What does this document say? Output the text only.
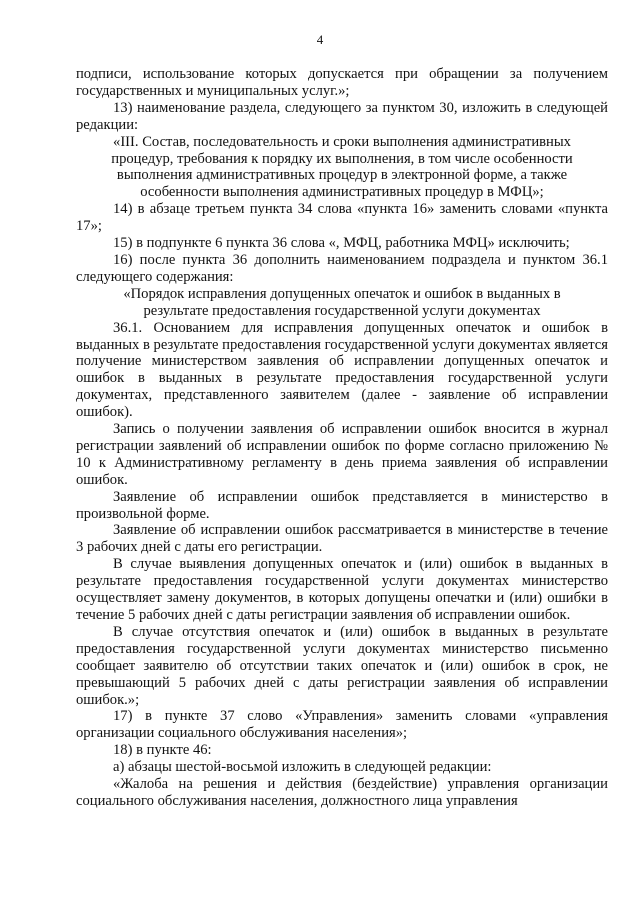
4

подписи, использование которых допускается при обращении за получением государственных и муниципальных услуг.»;

13) наименование раздела, следующего за пунктом 30, изложить в следующей редакции:

«III. Состав, последовательность и сроки выполнения административных процедур, требования к порядку их выполнения, в том числе особенности выполнения административных процедур в электронной форме, а также особенности выполнения административных процедур в МФЦ»;

14) в абзаце третьем пункта 34 слова «пункта 16» заменить словами «пункта 17»;

15) в подпункте 6 пункта 36 слова «, МФЦ, работника МФЦ» исключить;

16) после пункта 36 дополнить наименованием подраздела и пунктом 36.1 следующего содержания:

«Порядок исправления допущенных опечаток и ошибок в выданных в результате предоставления государственной услуги документах

36.1. Основанием для исправления допущенных опечаток и ошибок в выданных в результате предоставления государственной услуги документах является получение министерством заявления об исправлении допущенных опечаток и ошибок в выданных в результате предоставления государственной услуги документах, представленного заявителем (далее - заявление об исправлении ошибок).

Запись о получении заявления об исправлении ошибок вносится в журнал регистрации заявлений об исправлении ошибок по форме согласно приложению № 10 к Административному регламенту в день приема заявления об исправлении ошибок.

Заявление об исправлении ошибок представляется в министерство в произвольной форме.

Заявление об исправлении ошибок рассматривается в министерстве в течение 3 рабочих дней с даты его регистрации.

В случае выявления допущенных опечаток и (или) ошибок в выданных в результате предоставления государственной услуги документах министерство осуществляет замену документов, в которых допущены опечатки и (или) ошибки в течение 5 рабочих дней с даты регистрации заявления об исправлении ошибок.

В случае отсутствия опечаток и (или) ошибок в выданных в результате предоставления государственной услуги документах министерство письменно сообщает заявителю об отсутствии таких опечаток и (или) ошибок в срок, не превышающий 5 рабочих дней с даты регистрации заявления об исправлении ошибок.»;

17) в пункте 37 слово «Управления» заменить словами «управления организации социального обслуживания населения»;

18) в пункте 46:

а) абзацы шестой-восьмой изложить в следующей редакции:

«Жалоба на решения и действия (бездействие) управления организации социального обслуживания населения, должностного лица управления
